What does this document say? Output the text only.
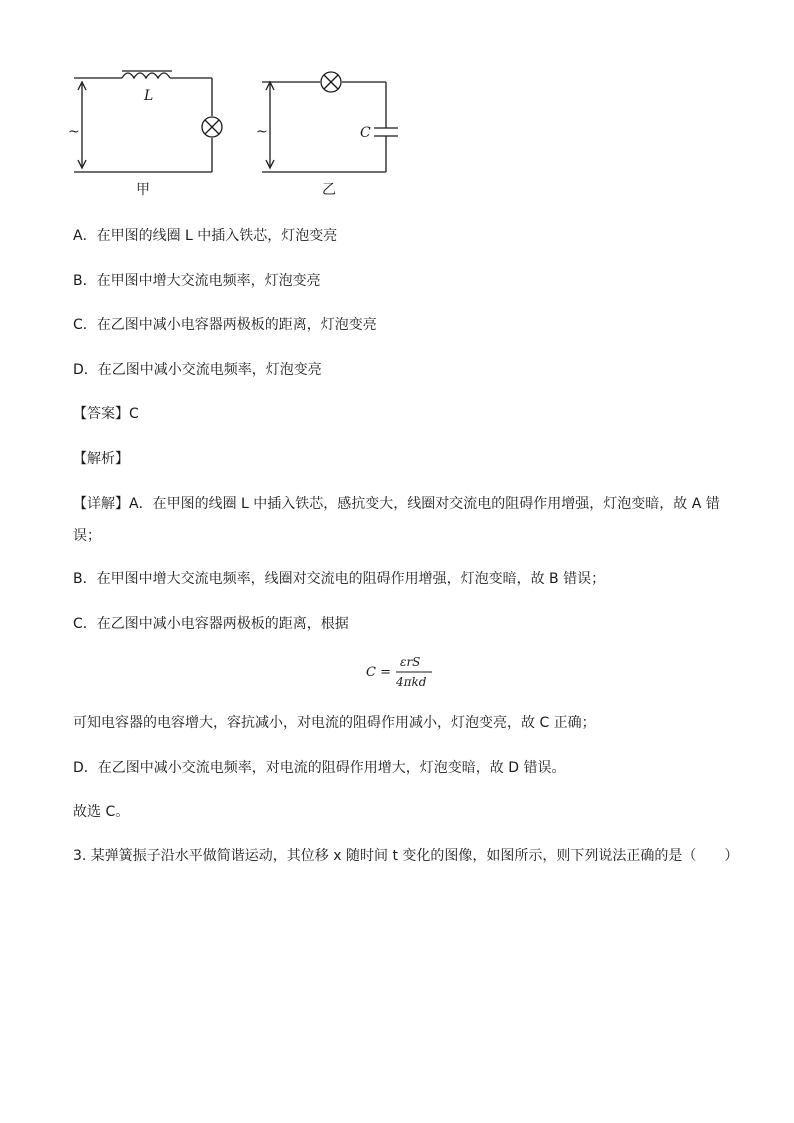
L
C
~	~
甲	乙
A．在甲图的线圈 L 中插入铁芯，灯泡变亮
B．在甲图中增大交流电频率，灯泡变亮
C．在乙图中减小电容器两极板的距离，灯泡变亮
D．在乙图中减小交流电频率，灯泡变亮
【答案】C
【解析】
【详解】A．在甲图的线圈 L 中插入铁芯，感抗变大，线圈对交流电的阻碍作用增强，灯泡变暗，故 A 错
误；
B．在甲图中增大交流电频率，线圈对交流电的阻碍作用增强，灯泡变暗，故 B 错误；
C．在乙图中减小电容器两极板的距离，根据
C =
εrS
4πkd
可知电容器的电容增大，容抗减小，对电流的阻碍作用减小，灯泡变亮，故 C 正确；
D．在乙图中减小交流电频率，对电流的阻碍作用增大，灯泡变暗，故 D 错误。
故选 C。
3. 某弹簧振子沿水平做简谐运动，其位移 x 随时间 t 变化的图像，如图所示，则下列说法正确的是（　　）
